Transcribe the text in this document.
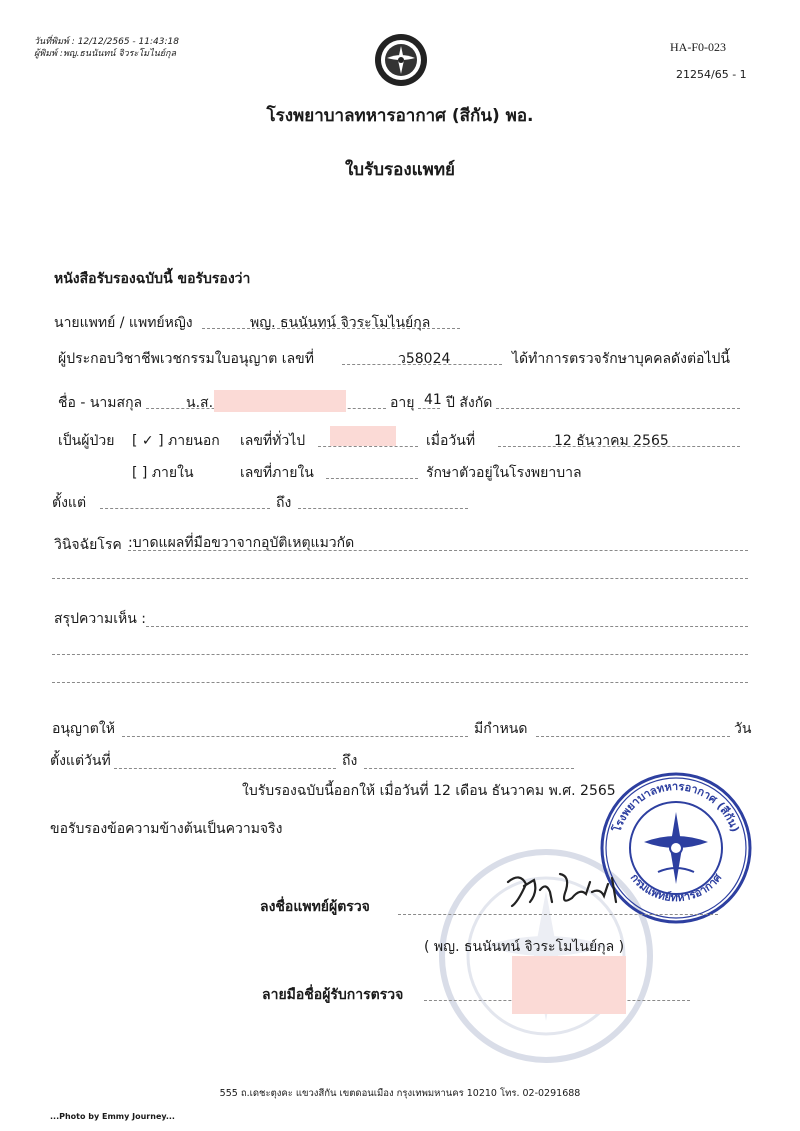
วันที่พิมพ์ : 12/12/2565 - 11:43:18
ผู้พิมพ์ :พญ.ธนนันทน์ จิวระโมไนย์กุล	HA-F0-023
21254/65 - 1
โรงพยาบาลทหารอากาศ (สีกัน) พอ.
ใบรับรองแพทย์
หนังสือรับรองฉบับนี้ ขอรับรองว่า
นายแพทย์ / แพทย์หญิง	พญ. ธนนันทน์ จิวระโมไนย์กุล
ผู้ประกอบวิชาชีพเวชกรรมใบอนุญาต เลขที่	ว58024	ได้ทำการตรวจรักษาบุคคลดังต่อไปนี้
ชื่อ - นามสกุล	น.ส.	อายุ 41 ปี สังกัด
เป็นผู้ป่วย [ ✓ ] ภายนอก เลขที่ทั่วไป	เมื่อวันที่	12 ธันวาคม 2565
[ ] ภายใน	เลขที่ภายใน	รักษาตัวอยู่ในโรงพยาบาล
ตั้งแต่	ถึง
วินิจฉัยโรค :บาดแผลที่มือขวาจากอุบัติเหตุแมวกัด
สรุปความเห็น :
อนุญาตให้	มีกำหนด	วัน
ตั้งแต่วันที่	ถึง
ใบรับรองฉบับนี้ออกให้ เมื่อวันที่ 12 เดือน ธันวาคม พ.ศ. 2565
ขอรับรองข้อความข้างต้นเป็นความจริง	โรงพยาบาลทหารอากาศ (สีกัน)
กรมแพทย์ทหารอากาศ
ลงชื่อแพทย์ผู้ตรวจ
( พญ. ธนนันทน์ จิวระโมไนย์กุล )
ลายมือชื่อผู้รับการตรวจ
555 ถ.เดชะตุงคะ แขวงสีกัน เขตดอนเมือง กรุงเทพมหานคร 10210 โทร. 02-0291688
...Photo by Emmy Journey...
